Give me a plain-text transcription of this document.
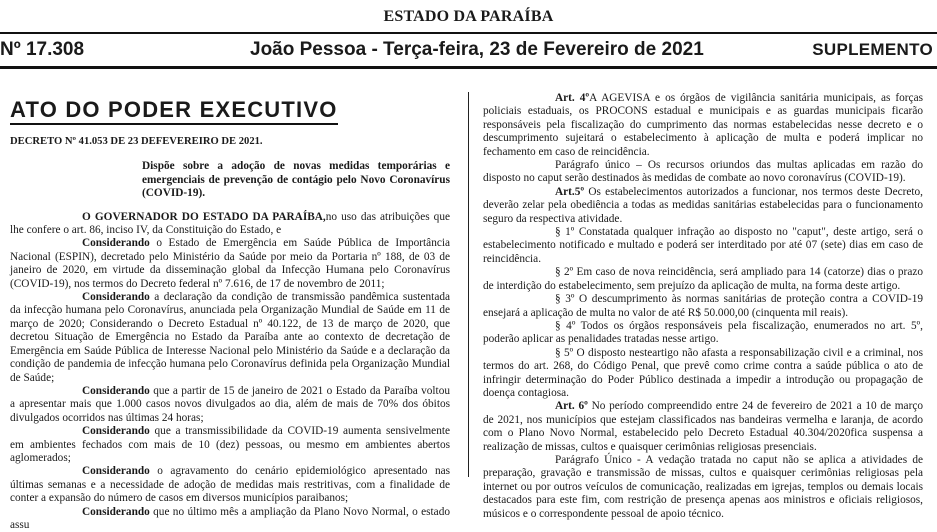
ESTADO DA PARAÍBA
Nº 17.308	João Pessoa - Terça-feira, 23 de Fevereiro de 2021	SUPLEMENTO
ATO DO PODER EXECUTIVO

DECRETO Nº 41.053 DE 23 DEFEVEREIRO DE 2021.

Dispõe sobre a adoção de novas medidas temporárias e emergenciais de prevenção de contágio pelo Novo Coronavírus (COVID-19).

O GOVERNADOR DO ESTADO DA PARAÍBA,no uso das atribuições que lhe confere o art. 86, inciso IV, da Constituição do Estado, e

Considerando o Estado de Emergência em Saúde Pública de Importância Nacional (ESPIN), decretado pelo Ministério da Saúde por meio da Portaria nº 188, de 03 de janeiro de 2020, em virtude da disseminação global da Infecção Humana pelo Coronavírus (COVID-19), nos termos do Decreto federal nº 7.616, de 17 de novembro de 2011;

Considerando a declaração da condição de transmissão pandêmica sustentada da infecção humana pelo Coronavírus, anunciada pela Organização Mundial de Saúde em 11 de março de 2020; Considerando o Decreto Estadual nº 40.122, de 13 de março de 2020, que decretou Situação de Emergência no Estado da Paraíba ante ao contexto de decretação de Emergência em Saúde Pública de Interesse Nacional pelo Ministério da Saúde e a declaração da condição de pandemia de infecção humana pelo Coronavírus definida pela Organização Mundial de Saúde;

Considerando que a partir de 15 de janeiro de 2021 o Estado da Paraíba voltou a apresentar mais que 1.000 casos novos divulgados ao dia, além de mais de 70% dos óbitos divulgados ocorridos nas últimas 24 horas;

Considerando que a transmissibilidade da COVID-19 aumenta sensivelmente em ambientes fechados com mais de 10 (dez) pessoas, ou mesmo em ambientes abertos aglomerados;

Considerando o agravamento do cenário epidemiológico apresentado nas últimas semanas e a necessidade de adoção de medidas mais restritivas, com a finalidade de conter a expansão do número de casos em diversos municípios paraibanos;

Considerando que no último mês a ampliação da Plano Novo Normal, o estado assu

Art. 4ºA AGEVISA e os órgãos de vigilância sanitária municipais, as forças policiais estaduais, os PROCONS estadual e municipais e as guardas municipais ficarão responsáveis pela fiscalização do cumprimento das normas estabelecidas nesse decreto e o descumprimento sujeitará o estabelecimento à aplicação de multa e poderá implicar no fechamento em caso de reincidência.

Parágrafo único – Os recursos oriundos das multas aplicadas em razão do disposto no caput serão destinados às medidas de combate ao novo coronavírus (COVID-19).

Art.5º Os estabelecimentos autorizados a funcionar, nos termos deste Decreto, deverão zelar pela obediência a todas as medidas sanitárias estabelecidas para o funcionamento seguro da respectiva atividade.

§ 1º Constatada qualquer infração ao disposto no "caput", deste artigo, será o estabelecimento notificado e multado e poderá ser interditado por até 07 (sete) dias em caso de reincidência.

§ 2º Em caso de nova reincidência, será ampliado para 14 (catorze) dias o prazo de interdição do estabelecimento, sem prejuízo da aplicação de multa, na forma deste artigo.

§ 3º O descumprimento às normas sanitárias de proteção contra a COVID-19 ensejará a aplicação de multa no valor de até R$ 50.000,00 (cinquenta mil reais).

§ 4º Todos os órgãos responsáveis pela fiscalização, enumerados no art. 5º, poderão aplicar as penalidades tratadas nesse artigo.

§ 5º O disposto nesteartigo não afasta a responsabilização civil e a criminal, nos termos do art. 268, do Código Penal, que prevê como crime contra a saúde pública o ato de infringir determinação do Poder Público destinada a impedir a introdução ou propagação de doença contagiosa.

Art. 6º No período compreendido entre 24 de fevereiro de 2021 a 10 de março de 2021, nos municípios que estejam classificados nas bandeiras vermelha e laranja, de acordo com o Plano Novo Normal, estabelecido pelo Decreto Estadual 40.304/2020fica suspensa a realização de missas, cultos e quaisquer cerimônias religiosas presenciais.

Parágrafo Único - A vedação tratada no caput não se aplica a atividades de preparação, gravação e transmissão de missas, cultos e quaisquer cerimônias religiosas pela internet ou por outros veículos de comunicação, realizadas em igrejas, templos ou demais locais destacados para este fim, com restrição de presença apenas aos ministros e oficiais religiosos, músicos e o correspondente pessoal de apoio técnico.
